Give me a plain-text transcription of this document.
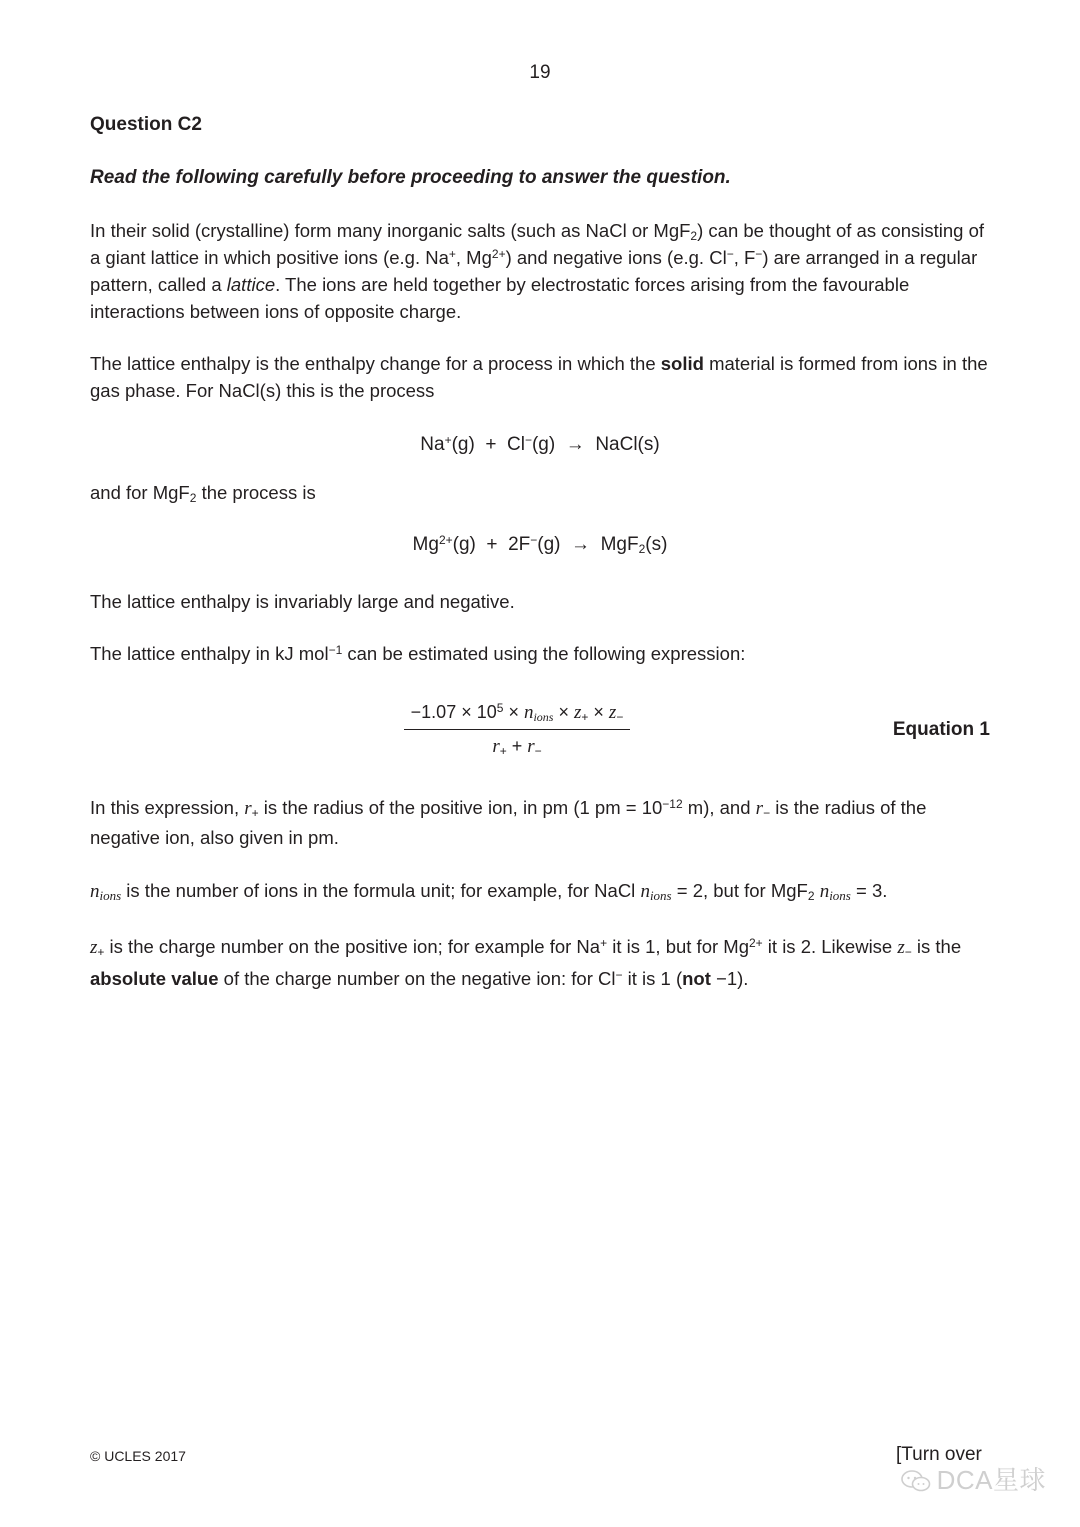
19
Question C2
Read the following carefully before proceeding to answer the question.

In their solid (crystalline) form many inorganic salts (such as NaCl or MgF$_2$) can be thought of as consisting of a giant lattice in which positive ions (e.g. Na+, $Mg^{2+}$) and negative ions (e.g. Cl−, F−) are arranged in a regular pattern, called a lattice. The ions are held together by electrostatic forces arising from the favourable interactions between ions of opposite charge.

The lattice enthalpy is the enthalpy change for a process in which the solid material is formed from ions in the gas phase. For NaCl(s) this is the process

Na+(g)  +  Cl−(g)  →  NaCl(s)

and for MgF$_2$ the process is

$Mg^{2+}(g) + 2F^-(g) \to MgF_2(s)$

The lattice enthalpy is invariably large and negative.

The lattice enthalpy in kJ mol$^{-1}$ can be estimated using the following expression:

$-1.07 \times 10^5 \times n_{ions} \times z_+ \times z_-$
$r_+ + r_-$
Equation 1

In this expression, $r_+$ is the radius of the positive ion, in pm (1 pm = $10^{-12}$ m), and $r_-$ is the radius of the negative ion, also given in pm.

$n_{ions}$ is the number of ions in the formula unit; for example, for NaCl $n_{ions} = 2$, but for MgF$_2$ $n_{ions} = 3$.

$z_+$ is the charge number on the positive ion; for example for Na+ it is 1, but for $Mg^{2+}$ it is 2. Likewise $z_-$ is the absolute value of the charge number on the negative ion: for Cl− it is 1 (not −1).

© UCLES 2017	[Turn over
DCA星球
